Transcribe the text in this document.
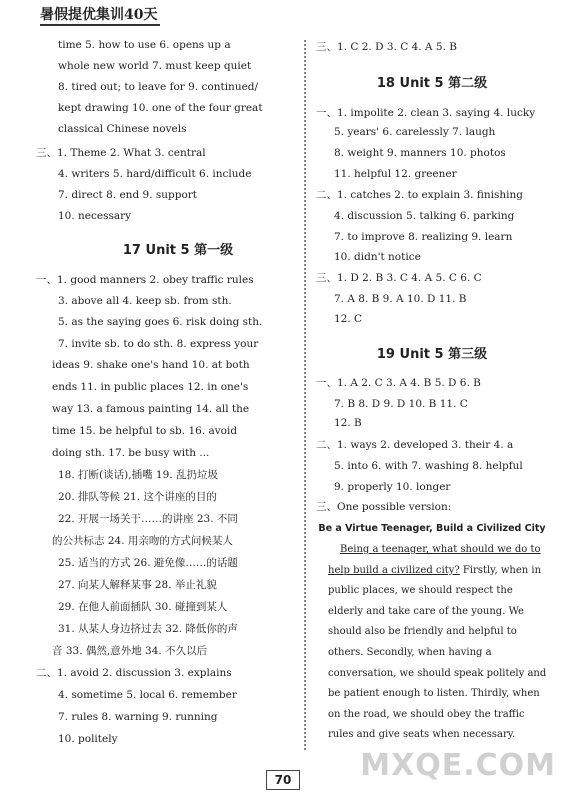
暑假提优集训40天
time 5. how to use 6. opens up a
whole new world 7. must keep quiet
8. tired out; to leave for 9. continued/
kept drawing 10. one of the four great
classical Chinese novels
三、1. Theme 2. What 3. central
4. writers 5. hard/difficult 6. include
7. direct 8. end 9. support
10. necessary
17 Unit 5 第一级
一、1. good manners 2. obey traffic rules
3. above all 4. keep sb. from sth.
5. as the saying goes 6. risk doing sth.
7. invite sb. to do sth. 8. express your
ideas 9. shake one's hand 10. at both
ends 11. in public places 12. in one's
way 13. a famous painting 14. all the
time 15. be helpful to sb. 16. avoid
doing sth. 17. be busy with ...
18. 打断(谈话),插嘴 19. 乱扔垃圾
20. 排队等候 21. 这个讲座的目的
22. 开展一场关于……的讲座 23. 不同
的公共标志 24. 用亲吻的方式问候某人
25. 适当的方式 26. 避免像……的话题
27. 向某人解释某事 28. 举止礼貌
29. 在他人前面插队 30. 碰撞到某人
31. 从某人身边挤过去 32. 降低你的声
音 33. 偶然,意外地 34. 不久以后
二、1. avoid 2. discussion 3. explains
4. sometime 5. local 6. remember
7. rules 8. warning 9. running
10. politely
三、1. C 2. D 3. C 4. A 5. B
18 Unit 5 第二级
一、1. impolite 2. clean 3. saying 4. lucky
5. years' 6. carelessly 7. laugh
8. weight 9. manners 10. photos
11. helpful 12. greener
二、1. catches 2. to explain 3. finishing
4. discussion 5. talking 6. parking
7. to improve 8. realizing 9. learn
10. didn't notice
三、1. D 2. B 3. C 4. A 5. C 6. C
7. A 8. B 9. A 10. D 11. B
12. C
19 Unit 5 第三级
一、1. A 2. C 3. A 4. B 5. D 6. B
7. B 8. D 9. D 10. B 11. C
12. B
二、1. ways 2. developed 3. their 4. a
5. into 6. with 7. washing 8. helpful
9. properly 10. longer
三、One possible version:
Be a Virtue Teenager, Build a Civilized City
Being a teenager, what should we do to help build a civilized city? Firstly, when in public places, we should respect the elderly and take care of the young. We should also be friendly and helpful to others. Secondly, when having a conversation, we should speak politely and be patient enough to listen. Thirdly, when on the road, we should obey the traffic rules and give seats when necessary.
70 MXQE.COM
